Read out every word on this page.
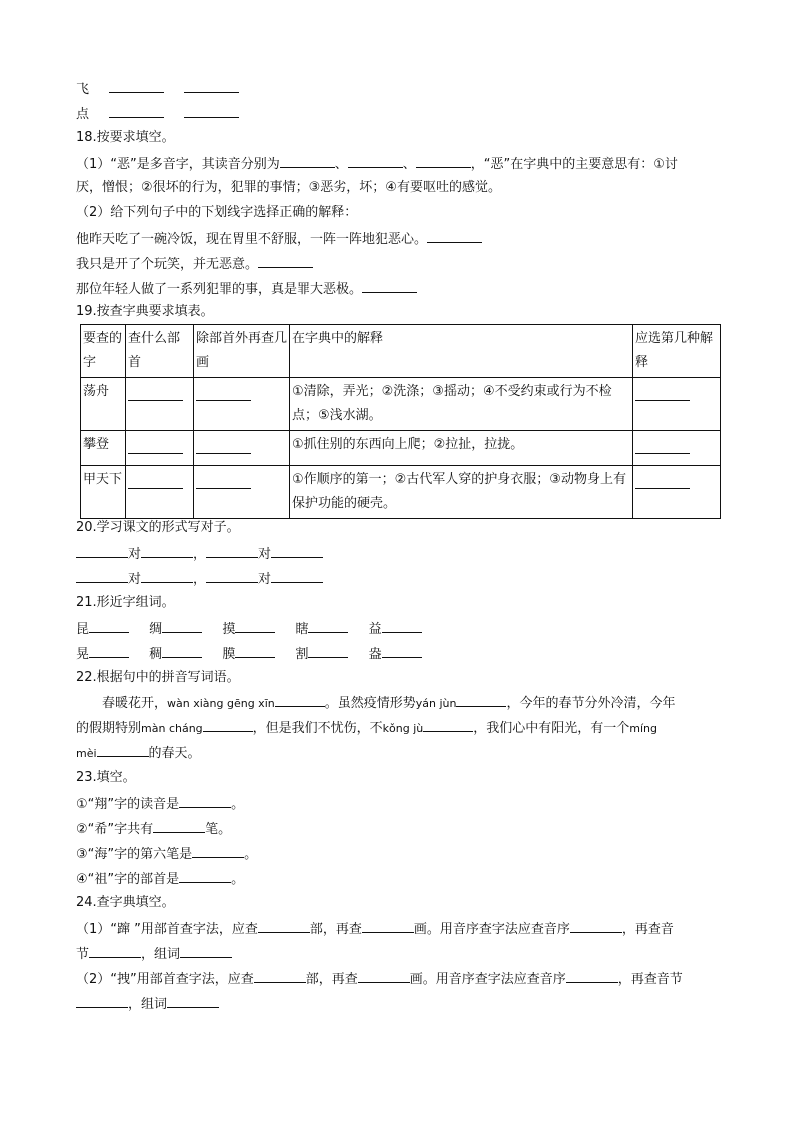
飞
点
18.按要求填空。
（1）“恶”是多音字，其读音分别为	、	、	，“恶”在字典中的主要意思有：①讨
厌，憎恨；②很坏的行为，犯罪的事情；③恶劣，坏；④有要呕吐的感觉。
（2）给下列句子中的下划线字选择正确的解释：
他昨天吃了一碗冷饭，现在胃里不舒服，一阵一阵地犯恶心。
我只是开了个玩笑，并无恶意。
那位年轻人做了一系列犯罪的事，真是罪大恶极。
19.按查字典要求填表。
要查的字	查什么部首	除部首外再查几画	在字典中的解释	应选第几种解释
荡舟			①清除，弄光；②洗涤；③摇动；④不受约束或行为不检点；⑤浅水湖。	
攀登			①抓住别的东西向上爬；②拉扯，拉拢。	
甲天下			①作顺序的第一；②古代军人穿的护身衣服；③动物身上有保护功能的硬壳。	
20.学习课文的形式写对子。
对	，	对
对	，	对
21.形近字组词。
昆	绸	摸	瞎	益
晃	稠	膜	割	盎
22.根据句中的拼音写词语。
春暖花开，wàn xiàng gēng xīn	。虽然疫情形势yán jùn	，今年的春节分外冷清，今年
的假期特别màn cháng	，但是我们不忧伤，不kǒng jù	，我们心中有阳光，有一个míng
mèi	的春天。
23.填空。
①“翔”字的读音是	。
②“希”字共有	笔。
③“海”字的第六笔是	。
④“祖”字的部首是	。
24.查字典填空。
（1）“蹿 ”用部首查字法，应查	部，再查	画。用音序查字法应查音序	，再查音
节	，组词
（2）“拽”用部首查字法，应查	部，再查	画。用音序查字法应查音序	，再查音节
，组词
